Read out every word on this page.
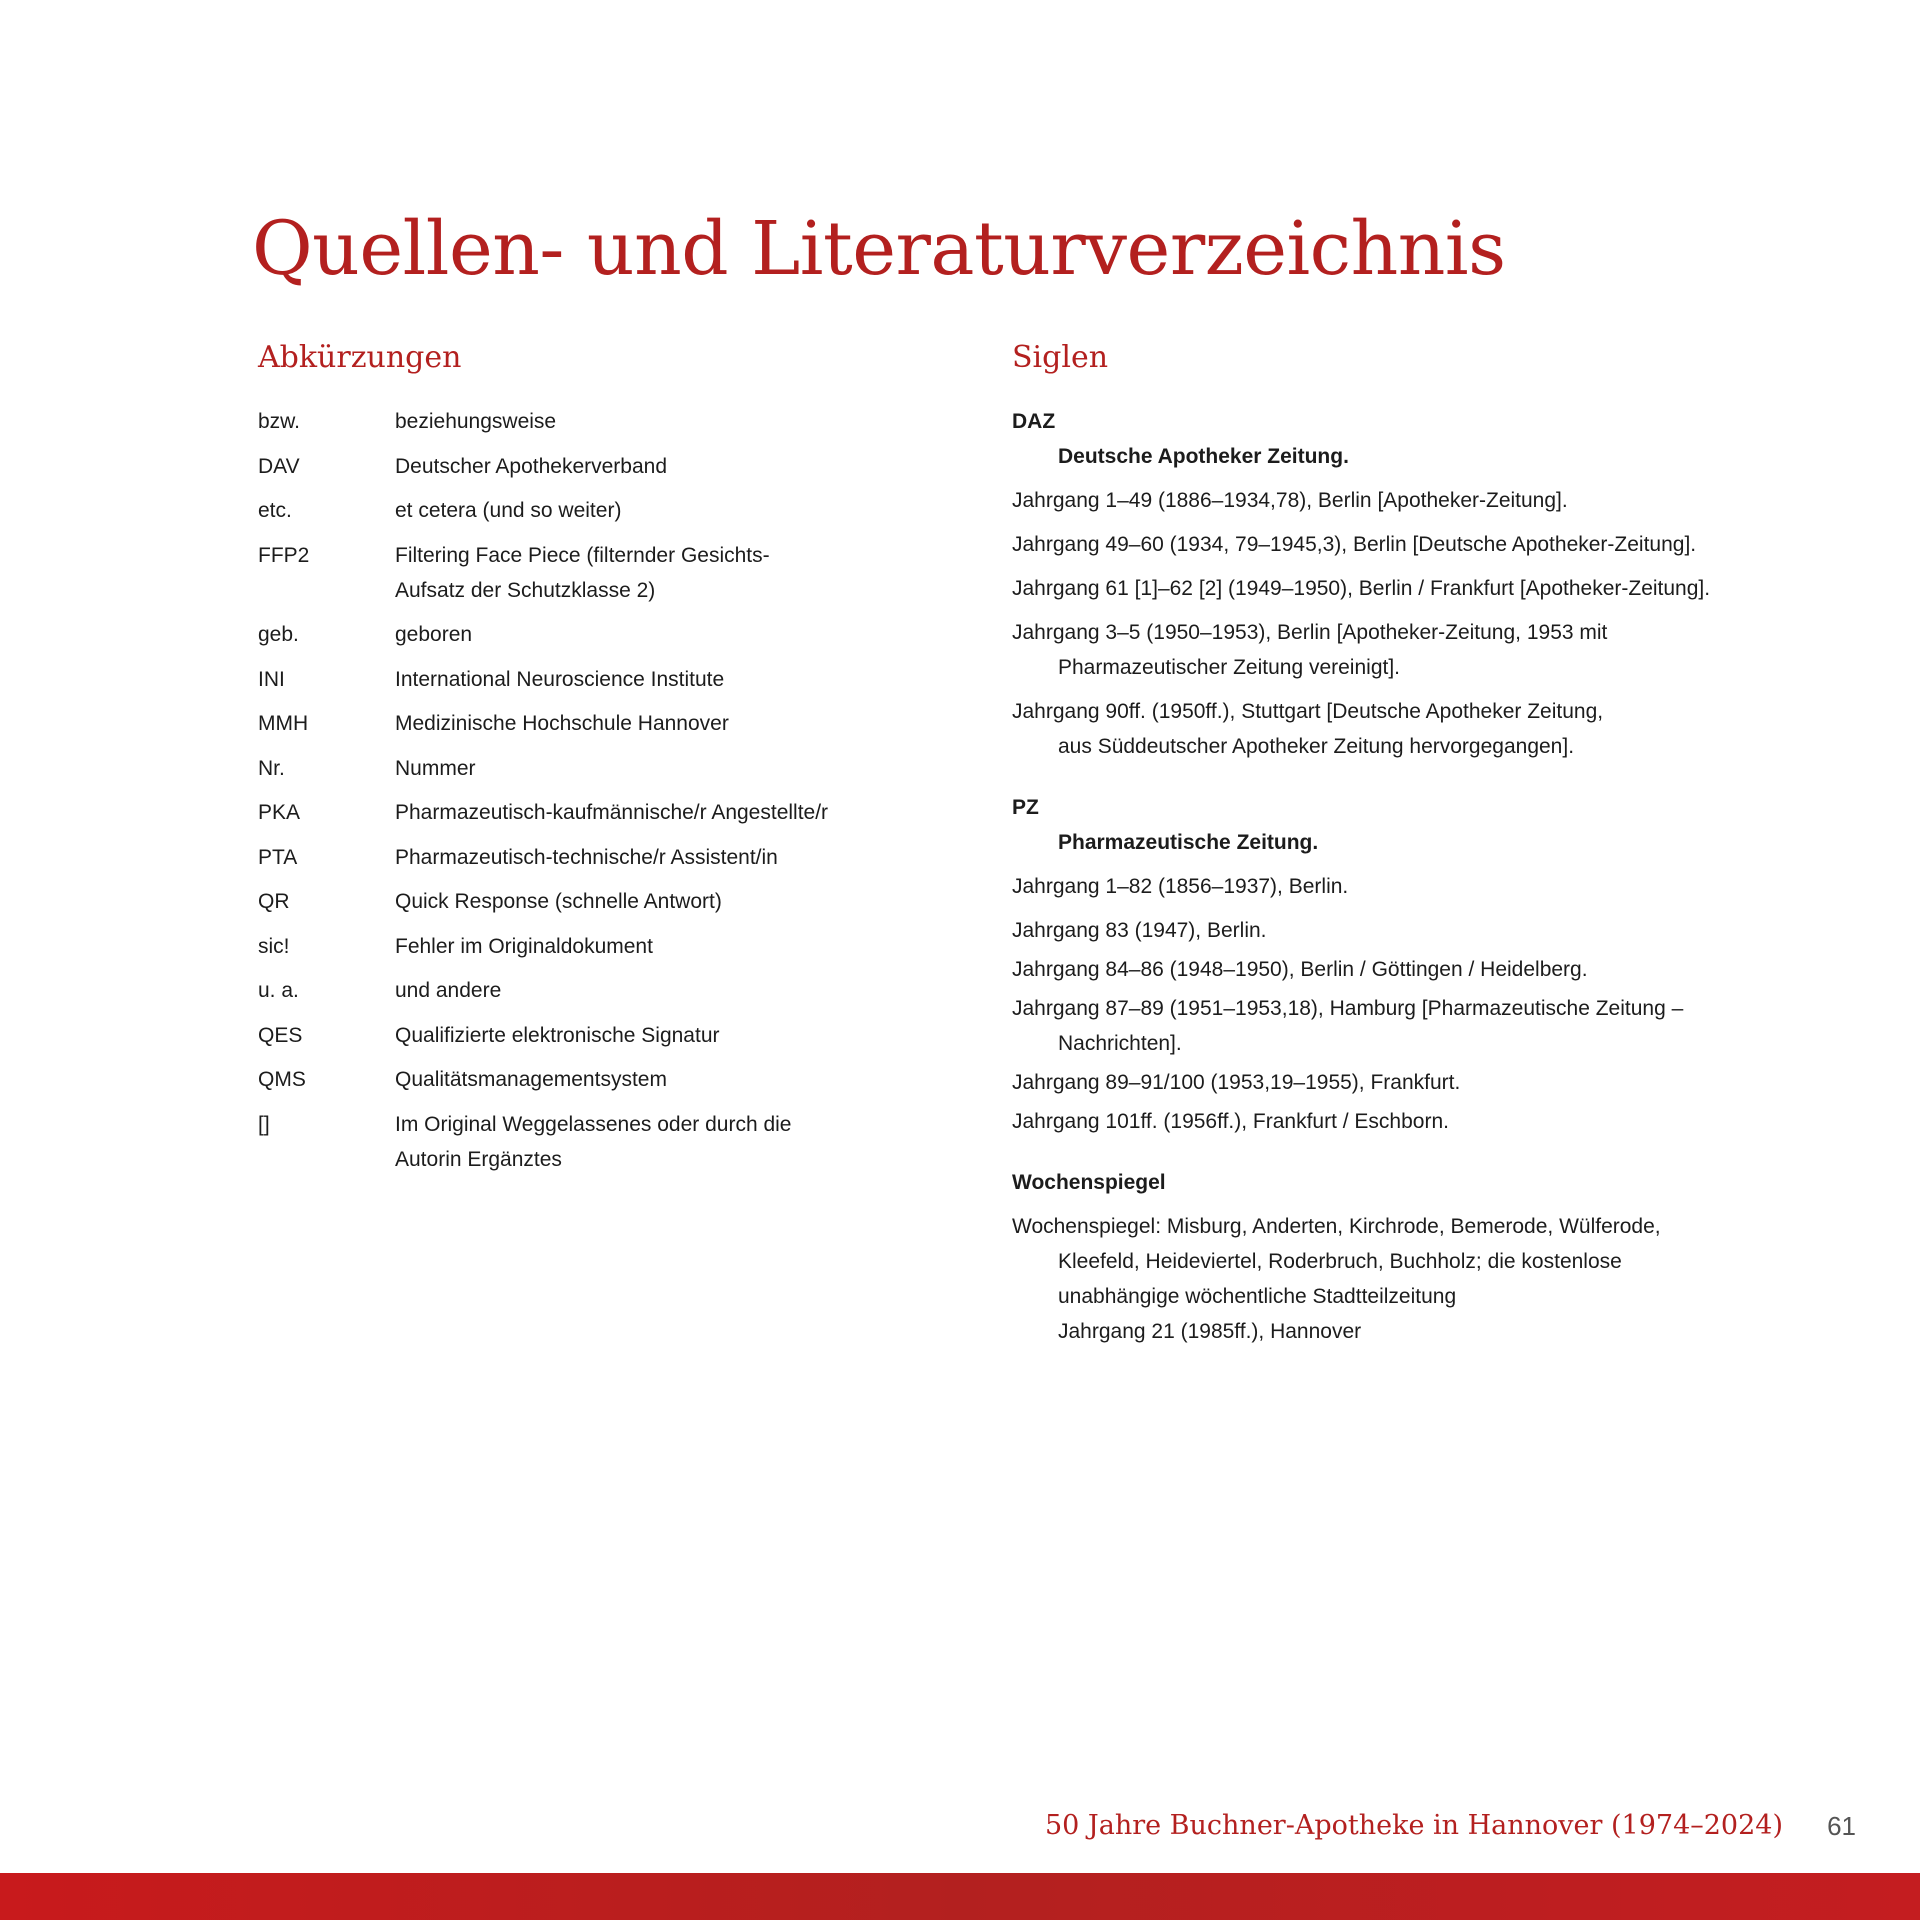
Quellen- und Literaturverzeichnis
Abkürzungen
bzw.	beziehungsweise
DAV	Deutscher Apothekerverband
etc.	et cetera (und so weiter)
FFP2	Filtering Face Piece (filternder Gesichts-
Aufsatz der Schutzklasse 2)
geb.	geboren
INI	International Neuroscience Institute
MMH	Medizinische Hochschule Hannover
Nr.	Nummer
PKA	Pharmazeutisch-kaufmännische/r Angestellte/r
PTA	Pharmazeutisch-technische/r Assistent/in
QR	Quick Response (schnelle Antwort)
sic!	Fehler im Originaldokument
u. a.	und andere
QES	Qualifizierte elektronische Signatur
QMS	Qualitätsmanagementsystem
[]	Im Original Weggelassenes oder durch die
Autorin Ergänztes
Siglen
DAZ
Deutsche Apotheker Zeitung.
Jahrgang 1–49 (1886–1934,78), Berlin [Apotheker-Zeitung].
Jahrgang 49–60 (1934, 79–1945,3), Berlin [Deutsche Apotheker-Zeitung].
Jahrgang 61 [1]–62 [2] (1949–1950), Berlin / Frankfurt [Apotheker-Zeitung].
Jahrgang 3–5 (1950–1953), Berlin [Apotheker-Zeitung, 1953 mit
Pharmazeutischer Zeitung vereinigt].
Jahrgang 90ff. (1950ff.), Stuttgart [Deutsche Apotheker Zeitung,
aus Süddeutscher Apotheker Zeitung hervorgegangen].
PZ
Pharmazeutische Zeitung.
Jahrgang 1–82 (1856–1937), Berlin.
Jahrgang 83 (1947), Berlin.
Jahrgang 84–86 (1948–1950), Berlin / Göttingen / Heidelberg.
Jahrgang 87–89 (1951–1953,18), Hamburg [Pharmazeutische Zeitung –
Nachrichten].
Jahrgang 89–91/100 (1953,19–1955), Frankfurt.
Jahrgang 101ff. (1956ff.), Frankfurt / Eschborn.
Wochenspiegel
Wochenspiegel: Misburg, Anderten, Kirchrode, Bemerode, Wülferode,
Kleefeld, Heideviertel, Roderbruch, Buchholz; die kostenlose
unabhängige wöchentliche Stadtteilzeitung
Jahrgang 21 (1985ff.), Hannover
50 Jahre Buchner-Apotheke in Hannover (1974–2024) 61
